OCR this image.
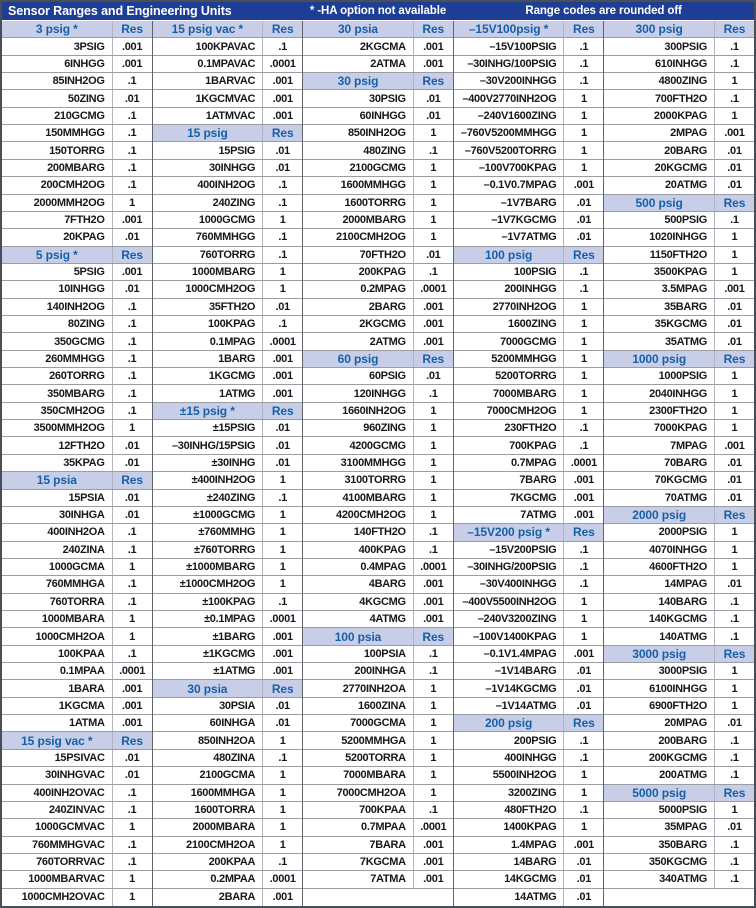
Sensor Ranges and Engineering Units	* -HA option not available	Range codes are rounded off
3 psig *	Res
3PSIG	.001
6INHGG	.001
85INH2OG	.1
50ZING	.01
210GCMG	.1
150MMHGG	.1
150TORRG	.1
200MBARG	.1
200CMH2OG	.1
2000MMH2OG	1
7FTH2O	.001
20KPAG	.01
5 psig *	Res
5PSIG	.001
10INHGG	.01
140INH2OG	.1
80ZING	.1
350GCMG	.1
260MMHGG	.1
260TORRG	.1
350MBARG	.1
350CMH2OG	.1
3500MMH2OG	1
12FTH2O	.01
35KPAG	.01
15 psia	Res
15PSIA	.01
30INHGA	.01
400INH2OA	.1
240ZINA	.1
1000GCMA	1
760MMHGA	.1
760TORRA	.1
1000MBARA	1
1000CMH2OA	1
100KPAA	.1
0.1MPAA	.0001
1BARA	.001
1KGCMA	.001
1ATMA	.001
15 psig vac *	Res
15PSIVAC	.01
30INHGVAC	.01
400INH2OVAC	.1
240ZINVAC	.1
1000GCMVAC	1
760MMHGVAC	.1
760TORRVAC	.1
1000MBARVAC	1
1000CMH2OVAC	1
15 psig vac *	Res
100KPAVAC	.1
0.1MPAVAC	.0001
1BARVAC	.001
1KGCMVAC	.001
1ATMVAC	.001
15 psig	Res
15PSIG	.01
30INHGG	.01
400INH2OG	.1
240ZING	.1
1000GCMG	1
760MMHGG	.1
760TORRG	.1
1000MBARG	1
1000CMH2OG	1
35FTH2O	.01
100KPAG	.1
0.1MPAG	.0001
1BARG	.001
1KGCMG	.001
1ATMG	.001
±15 psig *	Res
±15PSIG	.01
–30INHG/15PSIG	.01
±30INHG	.01
±400INH2OG	1
±240ZING	.1
±1000GCMG	1
±760MMHG	1
±760TORRG	1
±1000MBARG	1
±1000CMH2OG	1
±100KPAG	.1
±0.1MPAG	.0001
±1BARG	.001
±1KGCMG	.001
±1ATMG	.001
30 psia	Res
30PSIA	.01
60INHGA	.01
850INH2OA	1
480ZINA	.1
2100GCMA	1
1600MMHGA	1
1600TORRA	1
2000MBARA	1
2100CMH2OA	1
200KPAA	.1
0.2MPAA	.0001
2BARA	.001
30 psia	Res
2KGCMA	.001
2ATMA	.001
30 psig	Res
30PSIG	.01
60INHGG	.01
850INH2OG	1
480ZING	.1
2100GCMG	1
1600MMHGG	1
1600TORRG	1
2000MBARG	1
2100CMH2OG	1
70FTH2O	.01
200KPAG	.1
0.2MPAG	.0001
2BARG	.001
2KGCMG	.001
2ATMG	.001
60 psig	Res
60PSIG	.01
120INHGG	.1
1660INH2OG	1
960ZING	1
4200GCMG	1
3100MMHGG	1
3100TORRG	1
4100MBARG	1
4200CMH2OG	1
140FTH2O	.1
400KPAG	.1
0.4MPAG	.0001
4BARG	.001
4KGCMG	.001
4ATMG	.001
100 psia	Res
100PSIA	.1
200INHGA	.1
2770INH2OA	1
1600ZINA	1
7000GCMA	1
5200MMHGA	1
5200TORRA	1
7000MBARA	1
7000CMH2OA	1
700KPAA	.1
0.7MPAA	.0001
7BARA	.001
7KGCMA	.001
7ATMA	.001
–15V100psig *	Res
–15V100PSIG	.1
–30INHG/100PSIG	.1
–30V200INHGG	.1
–400V2770INH2OG	1
–240V1600ZING	1
–760V5200MMHGG	1
–760V5200TORRG	1
–100V700KPAG	1
–0.1V0.7MPAG	.001
–1V7BARG	.01
–1V7KGCMG	.01
–1V7ATMG	.01
100 psig	Res
100PSIG	.1
200INHGG	.1
2770INH2OG	1
1600ZING	1
7000GCMG	1
5200MMHGG	1
5200TORRG	1
7000MBARG	1
7000CMH2OG	1
230FTH2O	.1
700KPAG	.1
0.7MPAG	.0001
7BARG	.001
7KGCMG	.001
7ATMG	.001
–15V200 psig *	Res
–15V200PSIG	.1
–30INHG/200PSIG	.1
–30V400INHGG	.1
–400V5500INH2OG	1
–240V3200ZING	1
–100V1400KPAG	1
–0.1V1.4MPAG	.001
–1V14BARG	.01
–1V14KGCMG	.01
–1V14ATMG	.01
200 psig	Res
200PSIG	.1
400INHGG	.1
5500INH2OG	1
3200ZING	1
480FTH2O	.1
1400KPAG	1
1.4MPAG	.001
14BARG	.01
14KGCMG	.01
14ATMG	.01
300 psig	Res
300PSIG	.1
610INHGG	.1
4800ZING	1
700FTH2O	.1
2000KPAG	1
2MPAG	.001
20BARG	.01
20KGCMG	.01
20ATMG	.01
500 psig	Res
500PSIG	.1
1020INHGG	1
1150FTH2O	1
3500KPAG	1
3.5MPAG	.001
35BARG	.01
35KGCMG	.01
35ATMG	.01
1000 psig	Res
1000PSIG	1
2040INHGG	1
2300FTH2O	1
7000KPAG	1
7MPAG	.001
70BARG	.01
70KGCMG	.01
70ATMG	.01
2000 psig	Res
2000PSIG	1
4070INHGG	1
4600FTH2O	1
14MPAG	.01
140BARG	.1
140KGCMG	.1
140ATMG	.1
3000 psig	Res
3000PSIG	1
6100INHGG	1
6900FTH2O	1
20MPAG	.01
200BARG	.1
200KGCMG	.1
200ATMG	.1
5000 psig	Res
5000PSIG	1
35MPAG	.01
350BARG	.1
350KGCMG	.1
340ATMG	.1
